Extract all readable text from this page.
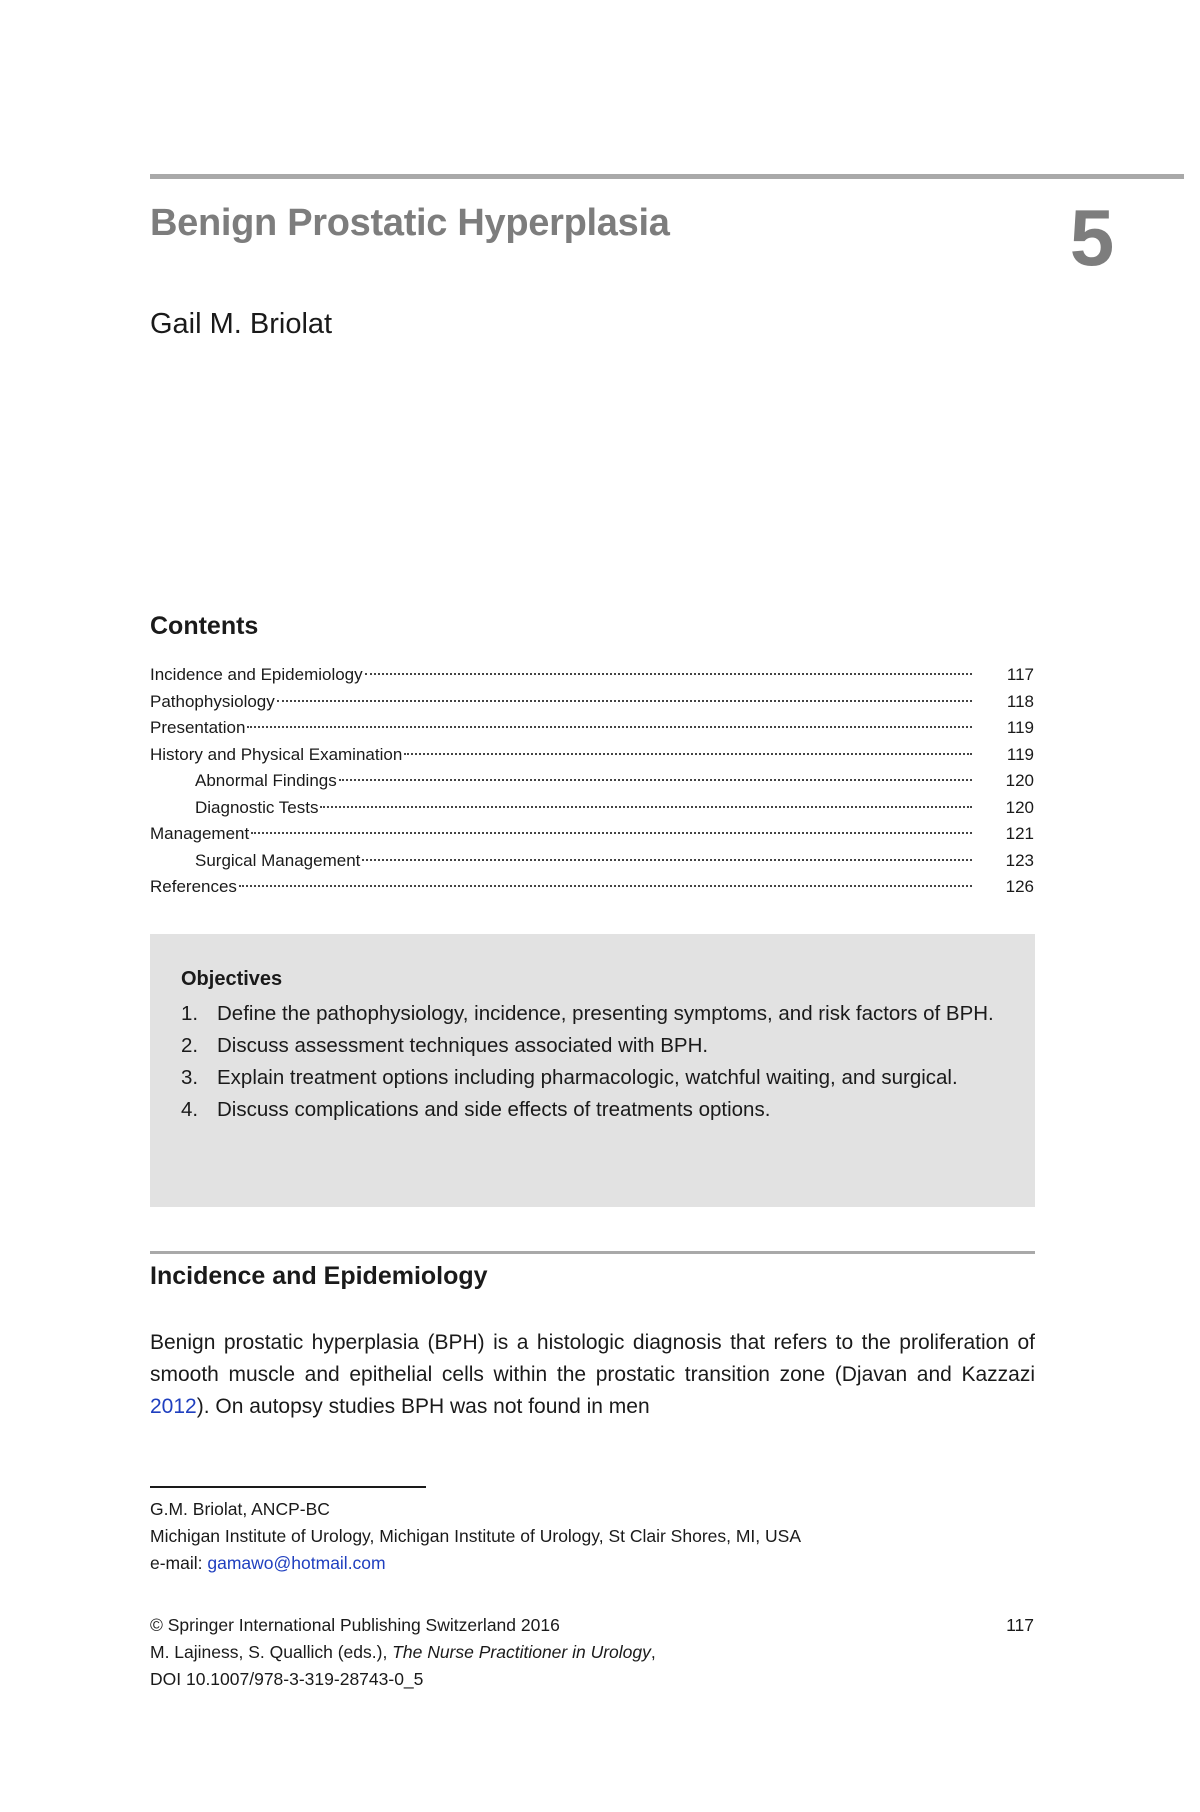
Benign Prostatic Hyperplasia	5
Gail M. Briolat
Contents
Incidence and Epidemiology	117
Pathophysiology	118
Presentation	119
History and Physical Examination	119
Abnormal Findings	120
Diagnostic Tests	120
Management	121
Surgical Management	123
References	126
Objectives
1. Define the pathophysiology, incidence, presenting symptoms, and risk factors of BPH.
2. Discuss assessment techniques associated with BPH.
3. Explain treatment options including pharmacologic, watchful waiting, and surgical.
4. Discuss complications and side effects of treatments options.
Incidence and Epidemiology

Benign prostatic hyperplasia (BPH) is a histologic diagnosis that refers to the proliferation of smooth muscle and epithelial cells within the prostatic transition zone (Djavan and Kazzazi 2012). On autopsy studies BPH was not found in men

G.M. Briolat, ANCP-BC
Michigan Institute of Urology, Michigan Institute of Urology, St Clair Shores, MI, USA
e-mail: gamawo@hotmail.com
© Springer International Publishing Switzerland 2016
M. Lajiness, S. Quallich (eds.), The Nurse Practitioner in Urology,
DOI 10.1007/978-3-319-28743-0_5
117
